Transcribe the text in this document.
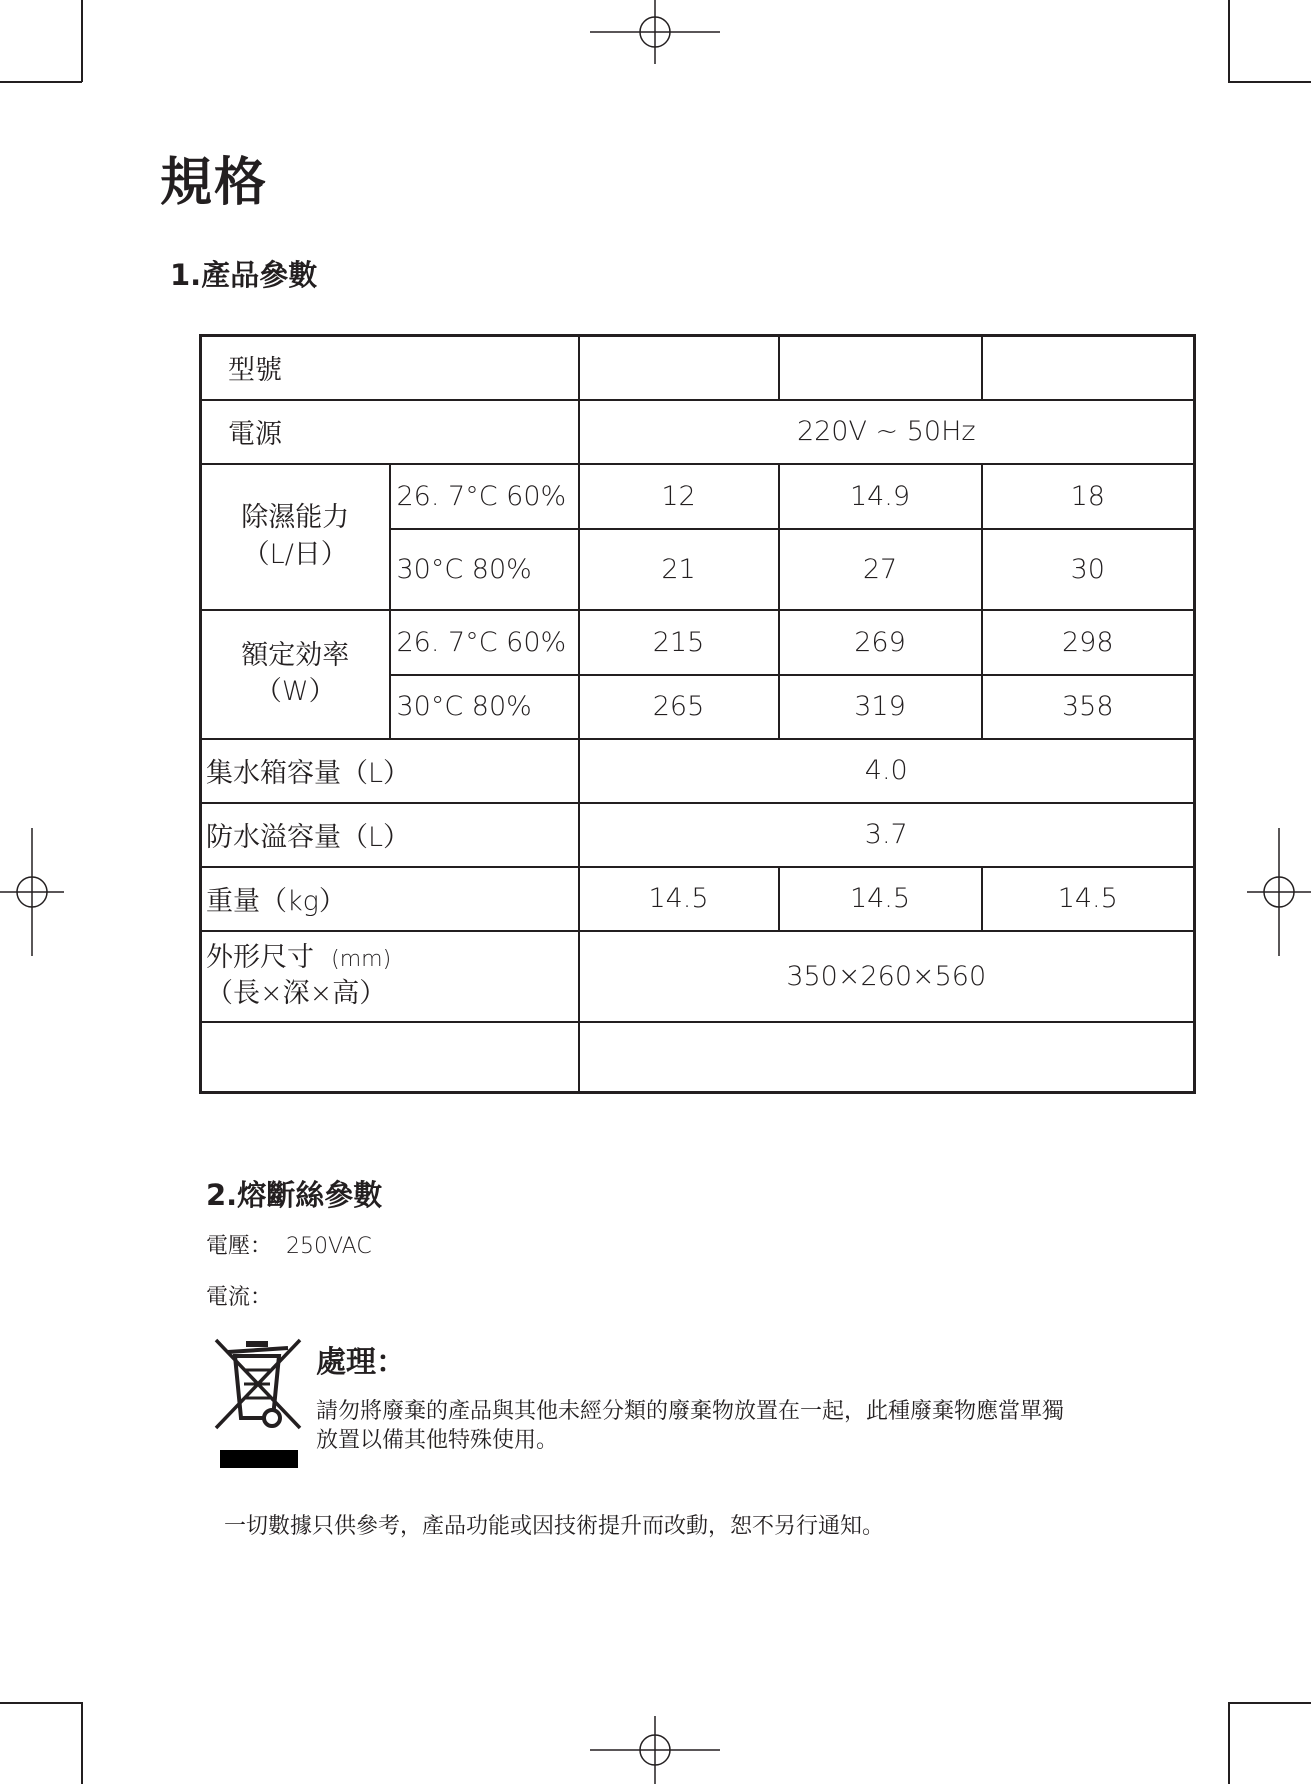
規格
1.產品參數
型號				
電源		220V ~ 50Hz		

除濕能力
（L/日）	26. 7°C 60%	12	14.9	18
	30°C 80%	21	27	30

額定効率
（W）	26. 7°C 60%	215	269	298
	30°C 80%	265	319	358
集水箱容量（L）		4.0		
防水溢容量（L）		3.7		
重量（kg）		14.5	14.5	14.5

外形尺寸 (mm)
（長×深×高）		350×260×560		

2.熔斷絲參數
電壓： 250VAC
電流：
處理：
請勿將廢棄的產品與其他未經分類的廢棄物放置在一起，此種廢棄物應當單獨放置以備其他特殊使用。
一切數據只供參考，產品功能或因技術提升而改動，恕不另行通知。
